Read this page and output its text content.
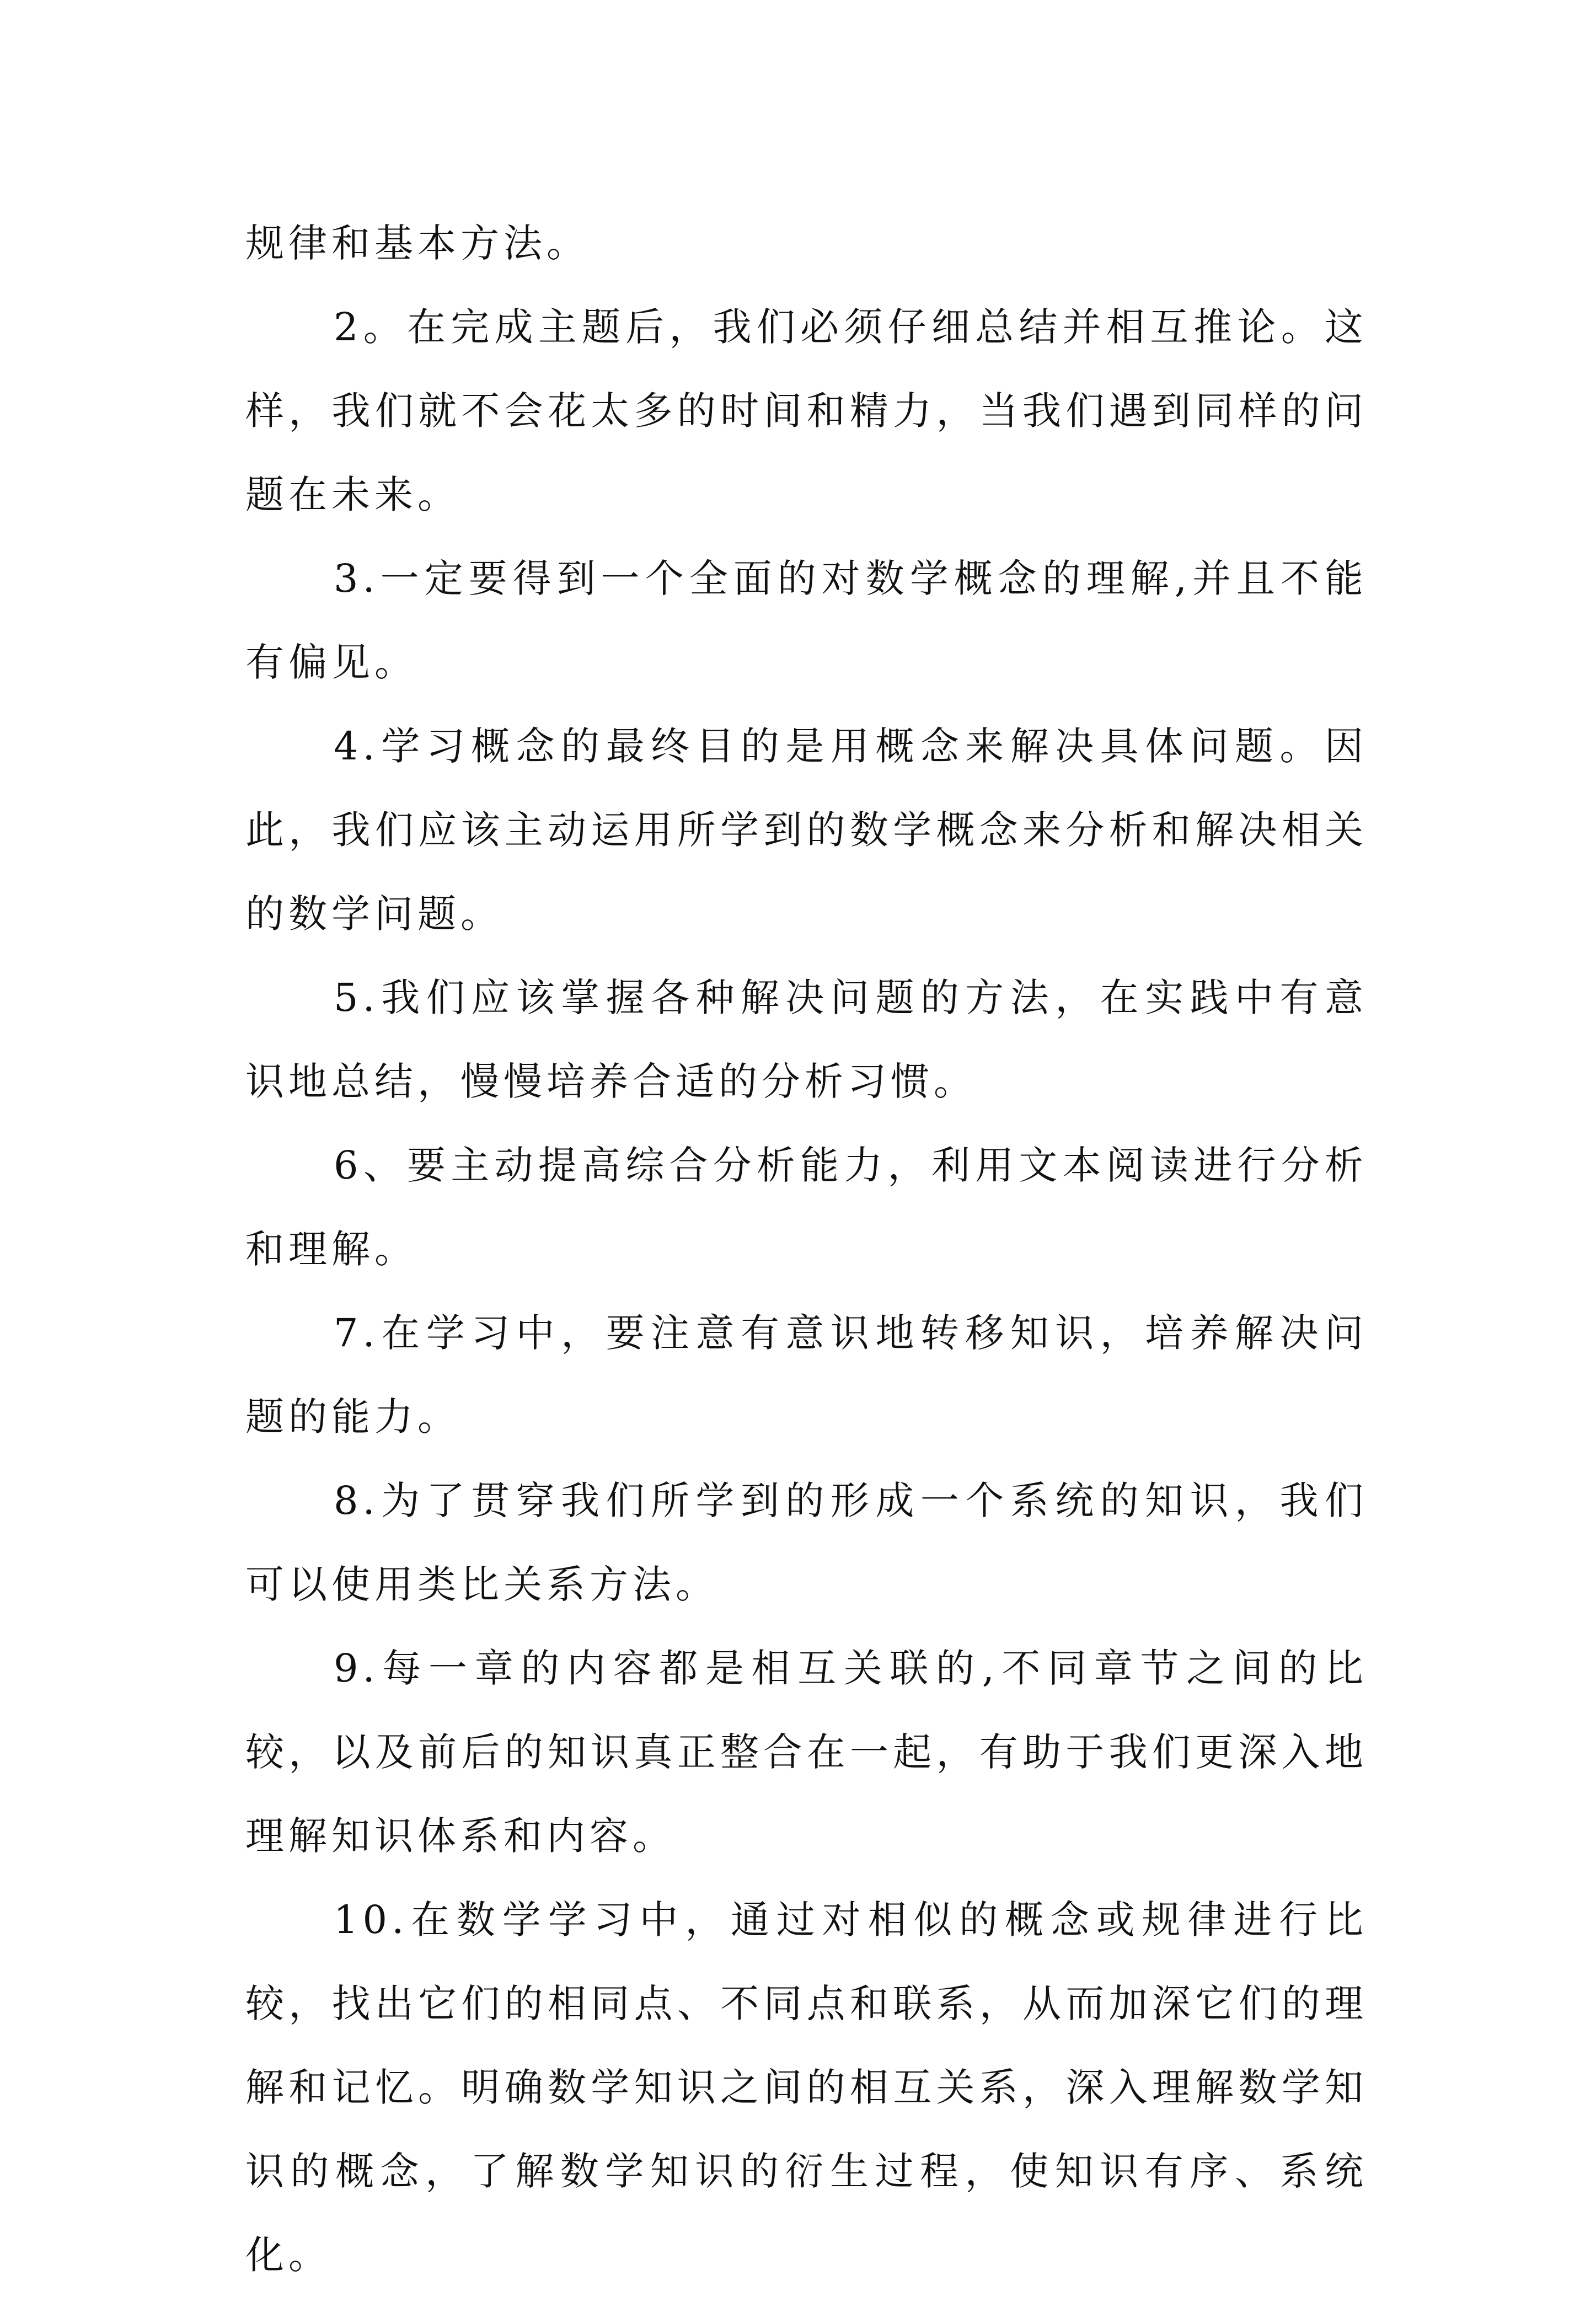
规律和基本方法。

2。在完成主题后，我们必须仔细总结并相互推论。这样，我们就不会花太多的时间和精力，当我们遇到同样的问题在未来。

3.一定要得到一个全面的对数学概念的理解,并且不能有偏见。

4.学习概念的最终目的是用概念来解决具体问题。因此，我们应该主动运用所学到的数学概念来分析和解决相关的数学问题。

5.我们应该掌握各种解决问题的方法，在实践中有意识地总结，慢慢培养合适的分析习惯。

6、要主动提高综合分析能力，利用文本阅读进行分析和理解。

7.在学习中，要注意有意识地转移知识，培养解决问题的能力。

8.为了贯穿我们所学到的形成一个系统的知识，我们可以使用类比关系方法。

9.每一章的内容都是相互关联的,不同章节之间的比较，以及前后的知识真正整合在一起，有助于我们更深入地理解知识体系和内容。

10.在数学学习中，通过对相似的概念或规律进行比较，找出它们的相同点、不同点和联系，从而加深它们的理解和记忆。明确数学知识之间的相互关系，深入理解数学知识的概念，了解数学知识的衍生过程，使知识有序、系统化。
